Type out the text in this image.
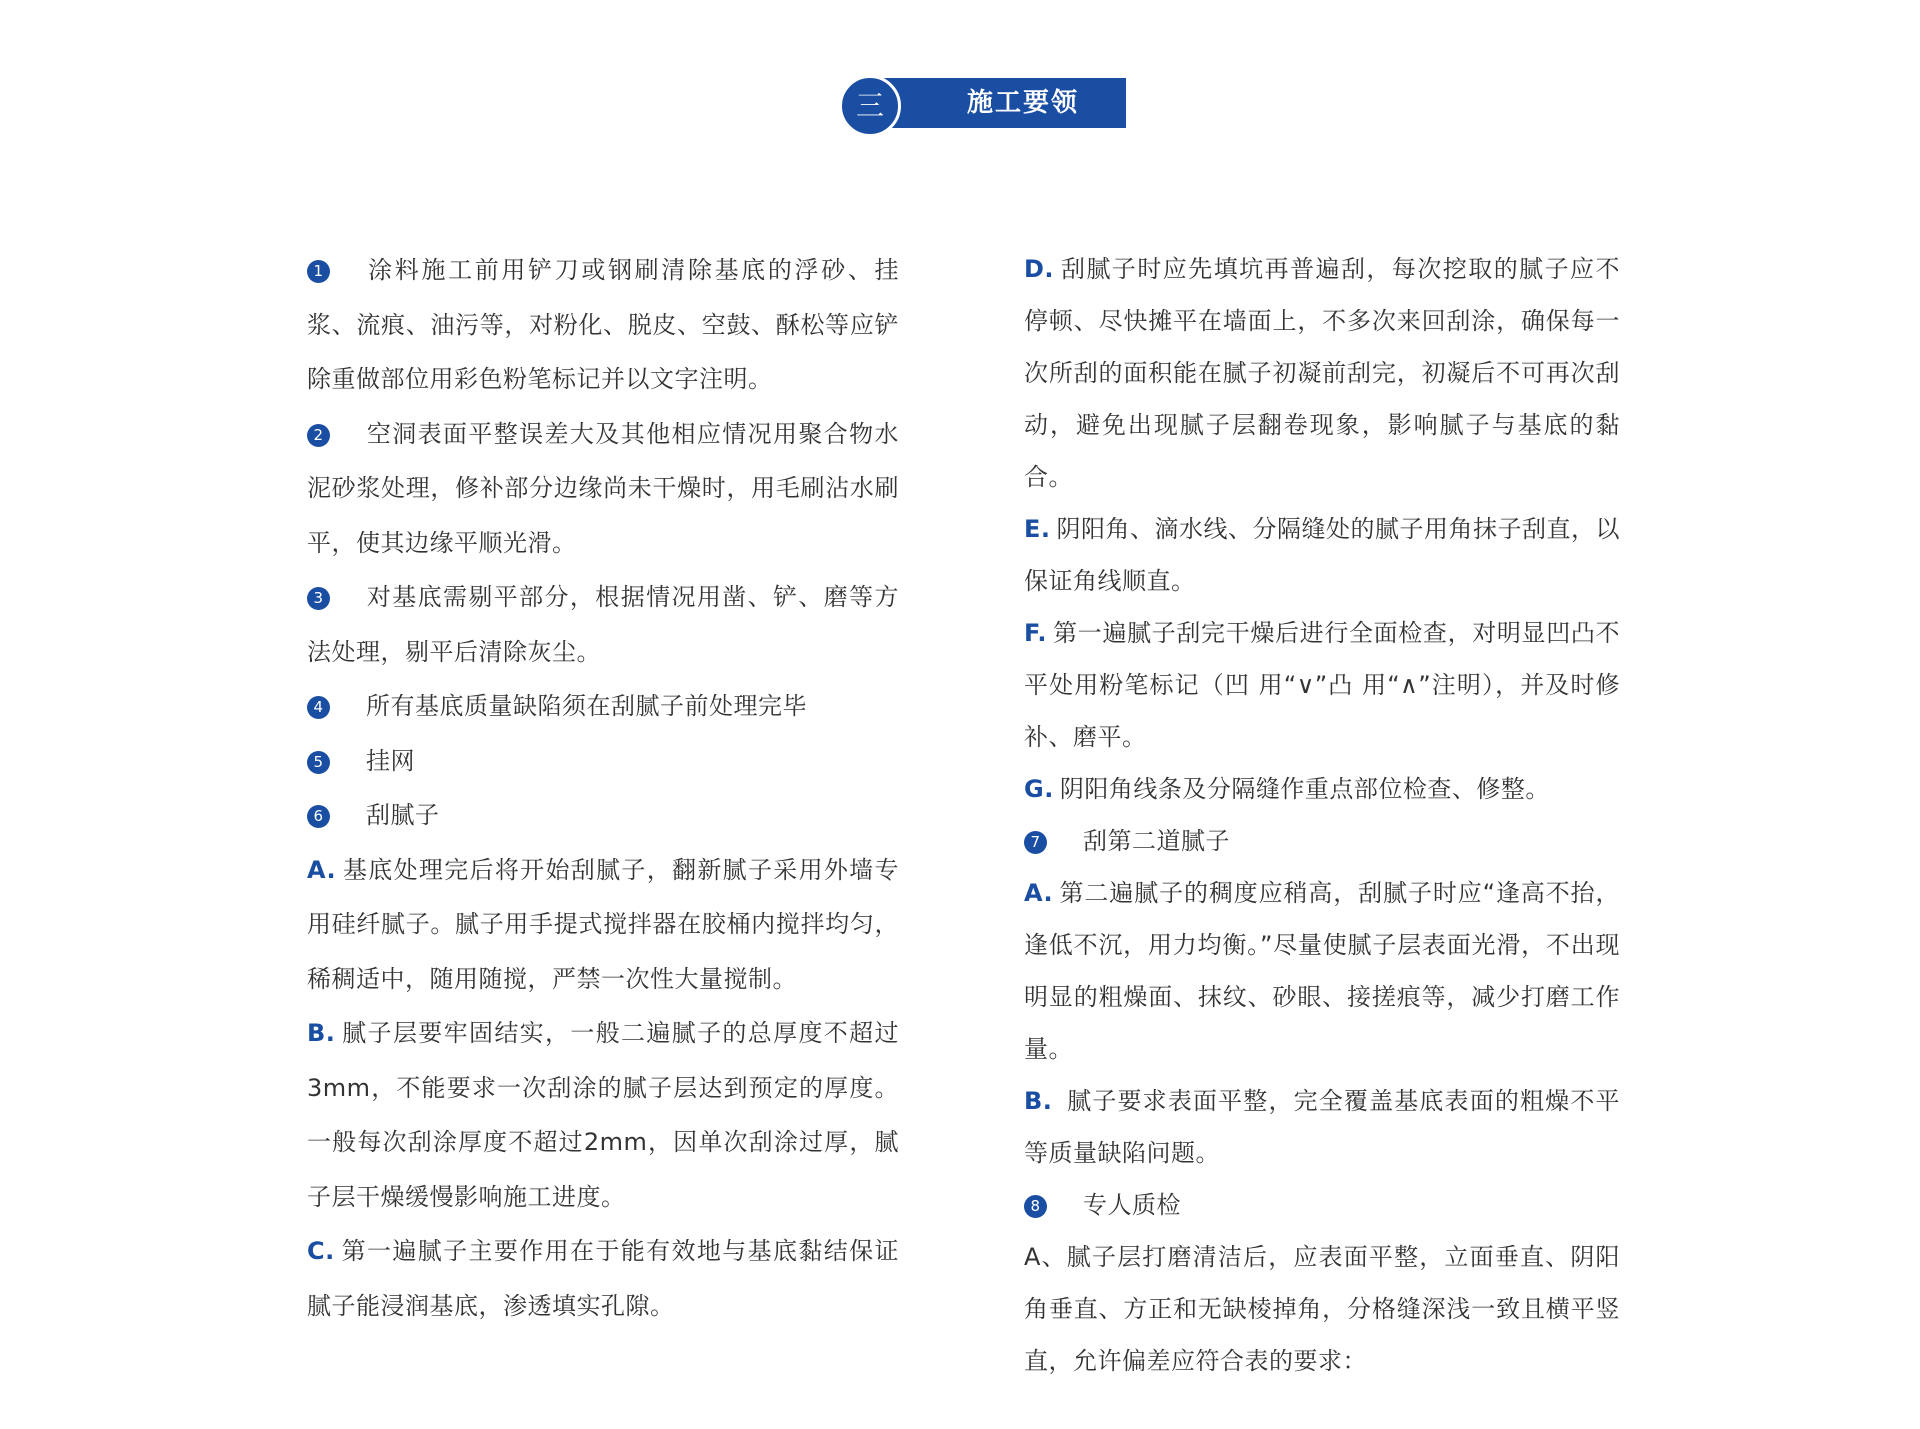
施工要领
三

1 涂料施工前用铲刀或钢刷清除基底的浮砂、挂浆、流痕、油污等，对粉化、脱皮、空鼓、酥松等应铲除重做部位用彩色粉笔标记并以文字注明。

2 空洞表面平整误差大及其他相应情况用聚合物水泥砂浆处理，修补部分边缘尚未干燥时，用毛刷沾水刷平，使其边缘平顺光滑。

3 对基底需剔平部分，根据情况用凿、铲、磨等方法处理，剔平后清除灰尘。

4 所有基底质量缺陷须在刮腻子前处理完毕

5 挂网

6 刮腻子

A. 基底处理完后将开始刮腻子，翻新腻子采用外墙专用硅纤腻子。腻子用手提式搅拌器在胶桶内搅拌均匀，稀稠适中，随用随搅，严禁一次性大量搅制。

B. 腻子层要牢固结实，一般二遍腻子的总厚度不超过3mm，不能要求一次刮涂的腻子层达到预定的厚度。一般每次刮涂厚度不超过2mm，因单次刮涂过厚，腻子层干燥缓慢影响施工进度。

C. 第一遍腻子主要作用在于能有效地与基底黏结保证腻子能浸润基底，渗透填实孔隙。

D. 刮腻子时应先填坑再普遍刮，每次挖取的腻子应不停顿、尽快摊平在墙面上，不多次来回刮涂，确保每一次所刮的面积能在腻子初凝前刮完，初凝后不可再次刮动，避免出现腻子层翻卷现象，影响腻子与基底的黏合。

E. 阴阳角、滴水线、分隔缝处的腻子用角抹子刮直，以保证角线顺直。

F. 第一遍腻子刮完干燥后进行全面检查，对明显凹凸不平处用粉笔标记（凹 用“∨”凸 用“∧”注明），并及时修补、磨平。

G. 阴阳角线条及分隔缝作重点部位检查、修整。

7 刮第二道腻子

A. 第二遍腻子的稠度应稍高，刮腻子时应“逢高不抬，逢低不沉，用力均衡。”尽量使腻子层表面光滑，不出现明显的粗燥面、抹纹、砂眼、接搓痕等，减少打磨工作量。

B. 腻子要求表面平整，完全覆盖基底表面的粗燥不平等质量缺陷问题。

8 专人质检

A、腻子层打磨清洁后，应表面平整，立面垂直、阴阳角垂直、方正和无缺棱掉角，分格缝深浅一致且横平竖直，允许偏差应符合表的要求：
